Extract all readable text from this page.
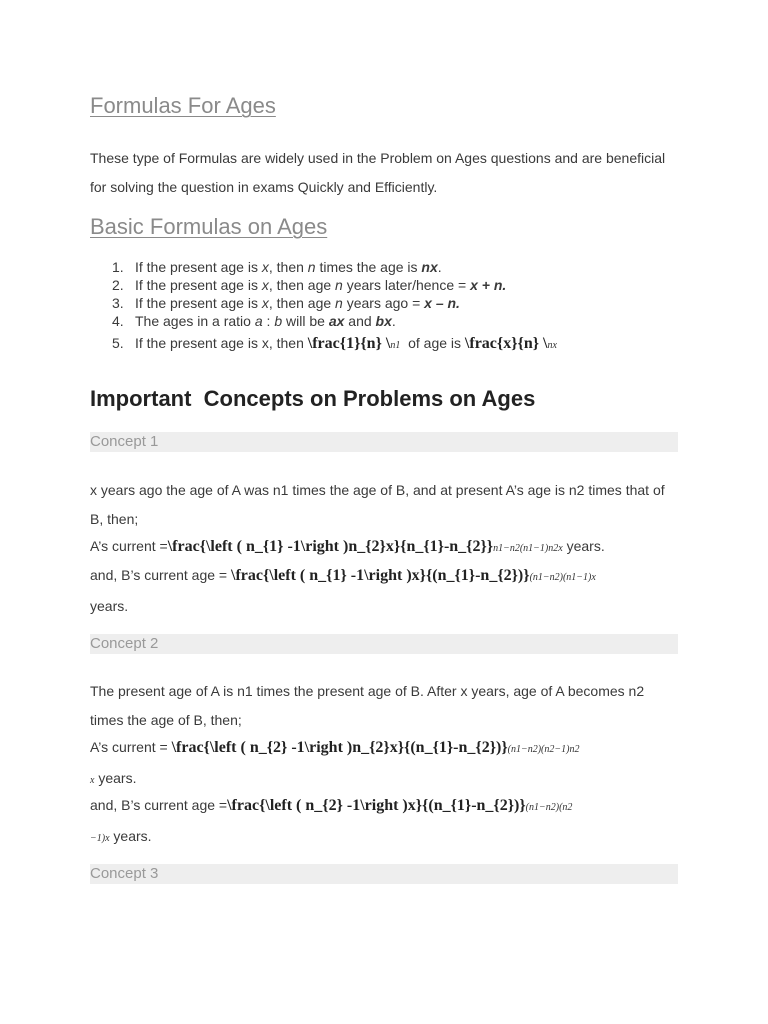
Formulas For Ages
These type of Formulas are widely used in the Problem on Ages questions and are beneficial for solving the question in exams Quickly and Efficiently.
Basic Formulas on Ages
1. If the present age is x, then n times the age is nx.
2. If the present age is x, then age n years later/hence = x + n.
3. If the present age is x, then age n years ago = x – n.
4. The ages in a ratio a : b will be ax and bx.
5. If the present age is x, then \frac{1}{n} \n1  of age is \frac{x}{n} \nx
Important  Concepts on Problems on Ages
Concept 1
x years ago the age of A was n1 times the age of B, and at present A’s age is n2 times that of B, then;
A’s current =\frac{\left ( n_{1} -1\right )n_{2}x}{n_{1}-n_{2}}n1−n2(n1−1)n2x years.
and, B’s current age = \frac{\left ( n_{1} -1\right )x}{(n_{1}-n_{2})}(n1−n2)(n1−1)x
years.
Concept 2
The present age of A is n1 times the present age of B. After x years, age of A becomes n2 times the age of B, then;
A’s current = \frac{\left ( n_{2} -1\right )n_{2}x}{(n_{1}-n_{2})}(n1−n2)(n2−1)n2
x years.
and, B’s current age =\frac{\left ( n_{2} -1\right )x}{(n_{1}-n_{2})}(n1−n2)(n2
−1)x years.
Concept 3
